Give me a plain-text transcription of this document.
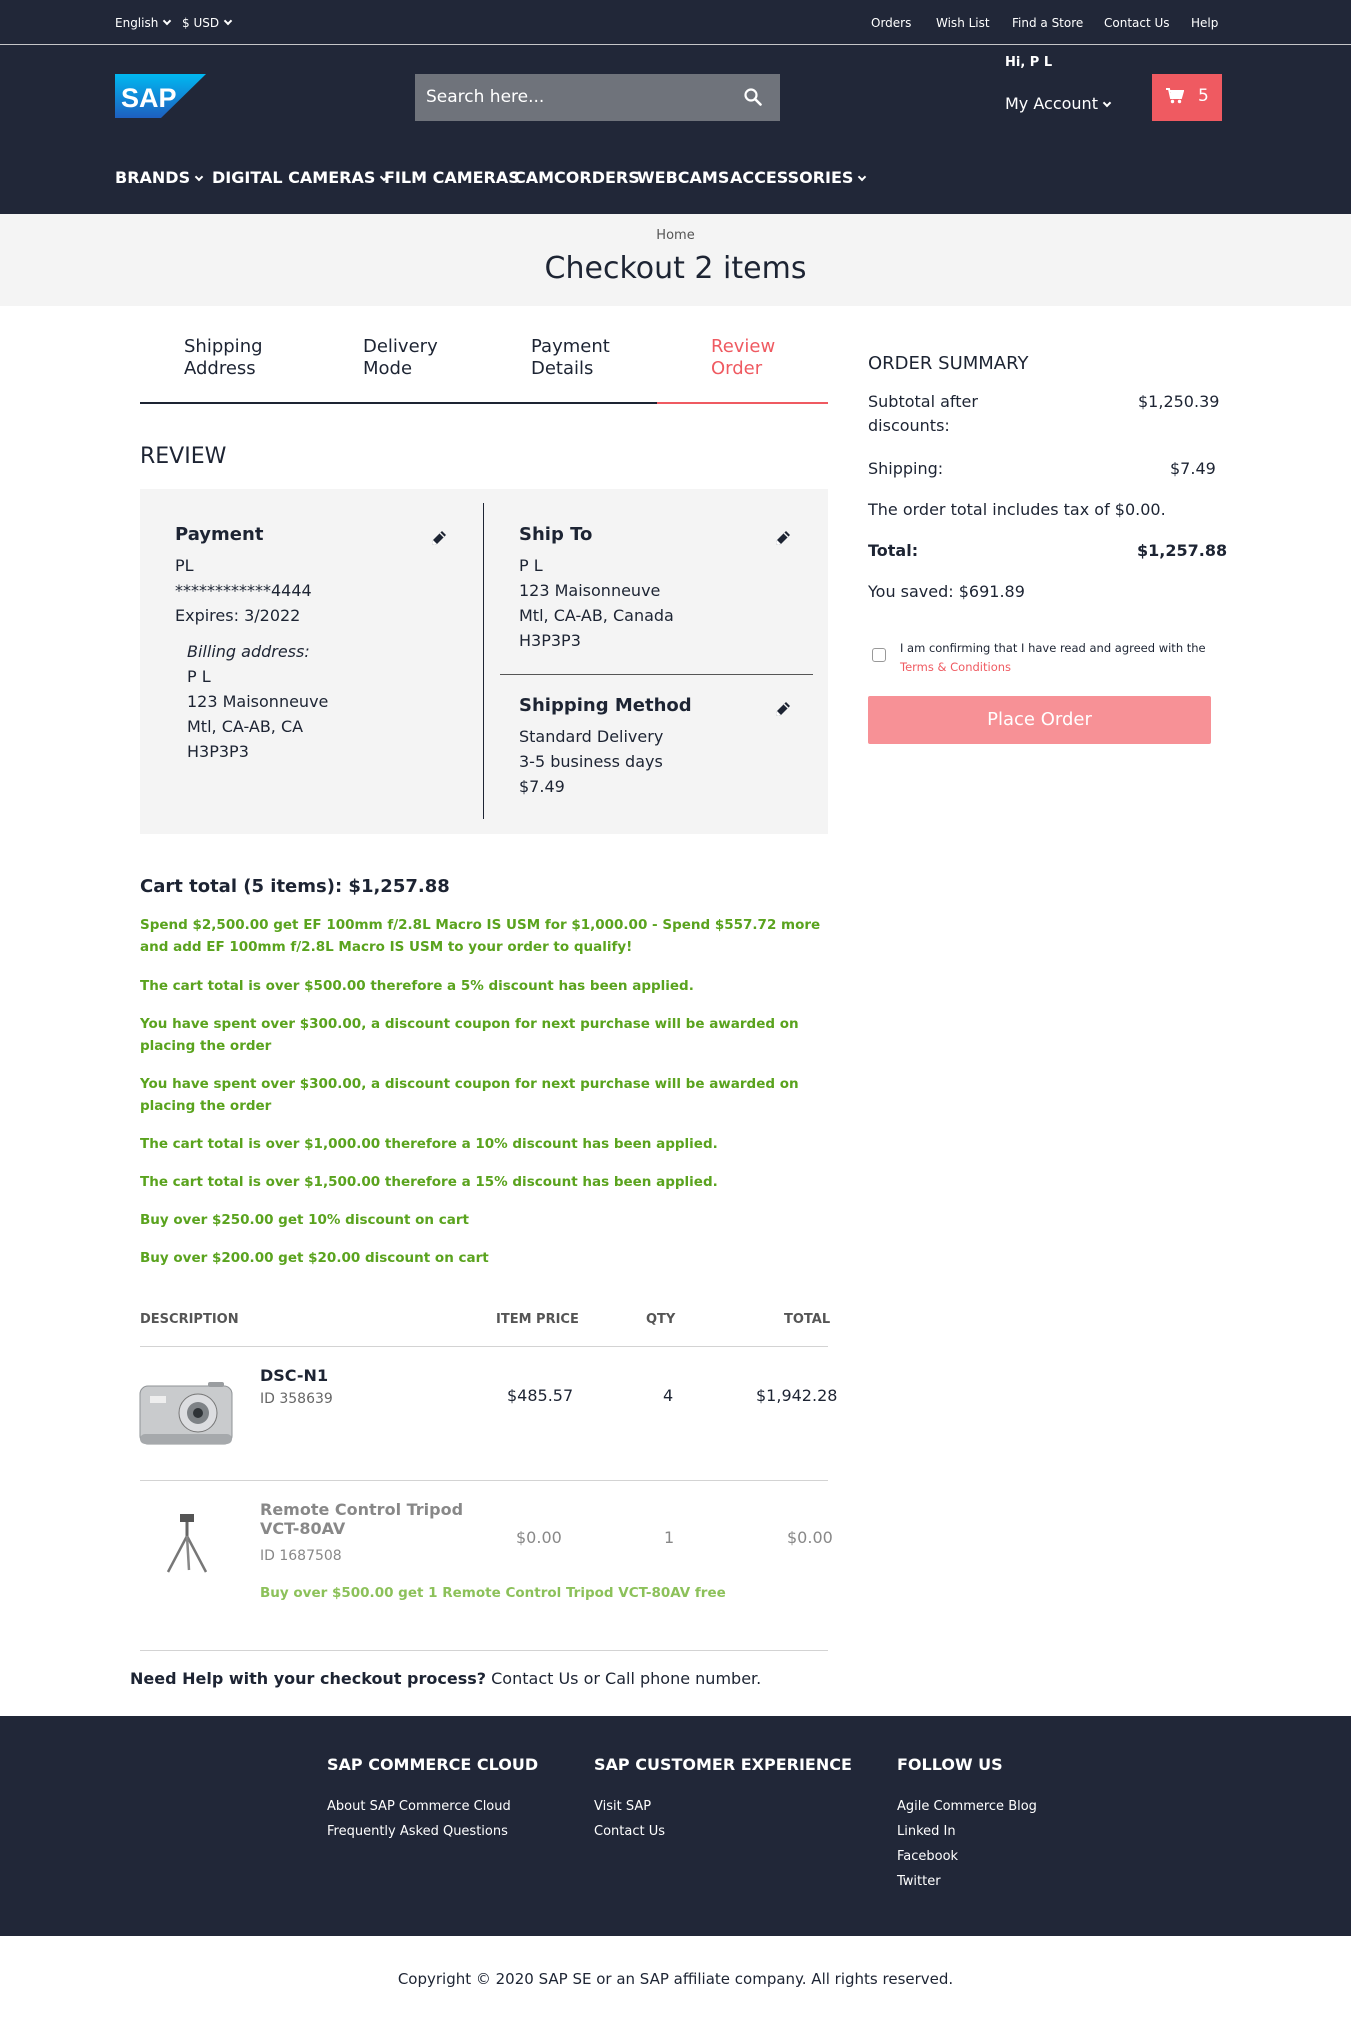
English	$ USD	Orders Wish List Find a Store Contact Us Help
SAP
Search here...
Hi, P L
My Account	5
BRANDS	DIGITAL CAMERAS FILM CAMERAS
CAMCORDERS
WEBCAMS ACCESSORIES
Home
Checkout 2 items
Shipping
Address
Delivery
Mode
Payment
Details
Review
Order
REVIEW
Payment
PL
************4444
Expires: 3/2022
Billing address:
P L
123 Maisonneuve
Mtl, CA-AB, CA
H3P3P3
Ship To
P L
123 Maisonneuve
Mtl, CA-AB, Canada
H3P3P3
Shipping Method
Standard Delivery
3-5 business days
$7.49
Cart total (5 items): $1,257.88
Spend $2,500.00 get EF 100mm f/2.8L Macro IS USM for $1,000.00 - Spend $557.72 more and add EF 100mm f/2.8L Macro IS USM to your order to qualify!
The cart total is over $500.00 therefore a 5% discount has been applied.
You have spent over $300.00, a discount coupon for next purchase will be awarded on placing the order
You have spent over $300.00, a discount coupon for next purchase will be awarded on placing the order
The cart total is over $1,000.00 therefore a 10% discount has been applied.
The cart total is over $1,500.00 therefore a 15% discount has been applied.
Buy over $250.00 get 10% discount on cart
Buy over $200.00 get $20.00 discount on cart
DESCRIPTION	ITEM PRICE	QTY	TOTAL
DSC-N1
ID 358639	$485.57	4	$1,942.28
Remote Control Tripod VCT-80AV
ID 1687508
$0.00	1	$0.00
Buy over $500.00 get 1 Remote Control Tripod VCT-80AV free
Need Help with your checkout process? Contact Us or Call phone number.
ORDER SUMMARY
Subtotal after
discounts:
$1,250.39
Shipping:	$7.49
The order total includes tax of $0.00.
Total:	$1,257.88
You saved: $691.89
I am confirming that I have read and agreed with the
Terms & Conditions
Place Order
SAP COMMERCE CLOUD
About SAP Commerce Cloud
Frequently Asked Questions
SAP CUSTOMER EXPERIENCE
Visit SAP
Contact Us
FOLLOW US
Agile Commerce Blog
Linked In
Facebook
Twitter
Copyright © 2020 SAP SE or an SAP affiliate company. All rights reserved.
